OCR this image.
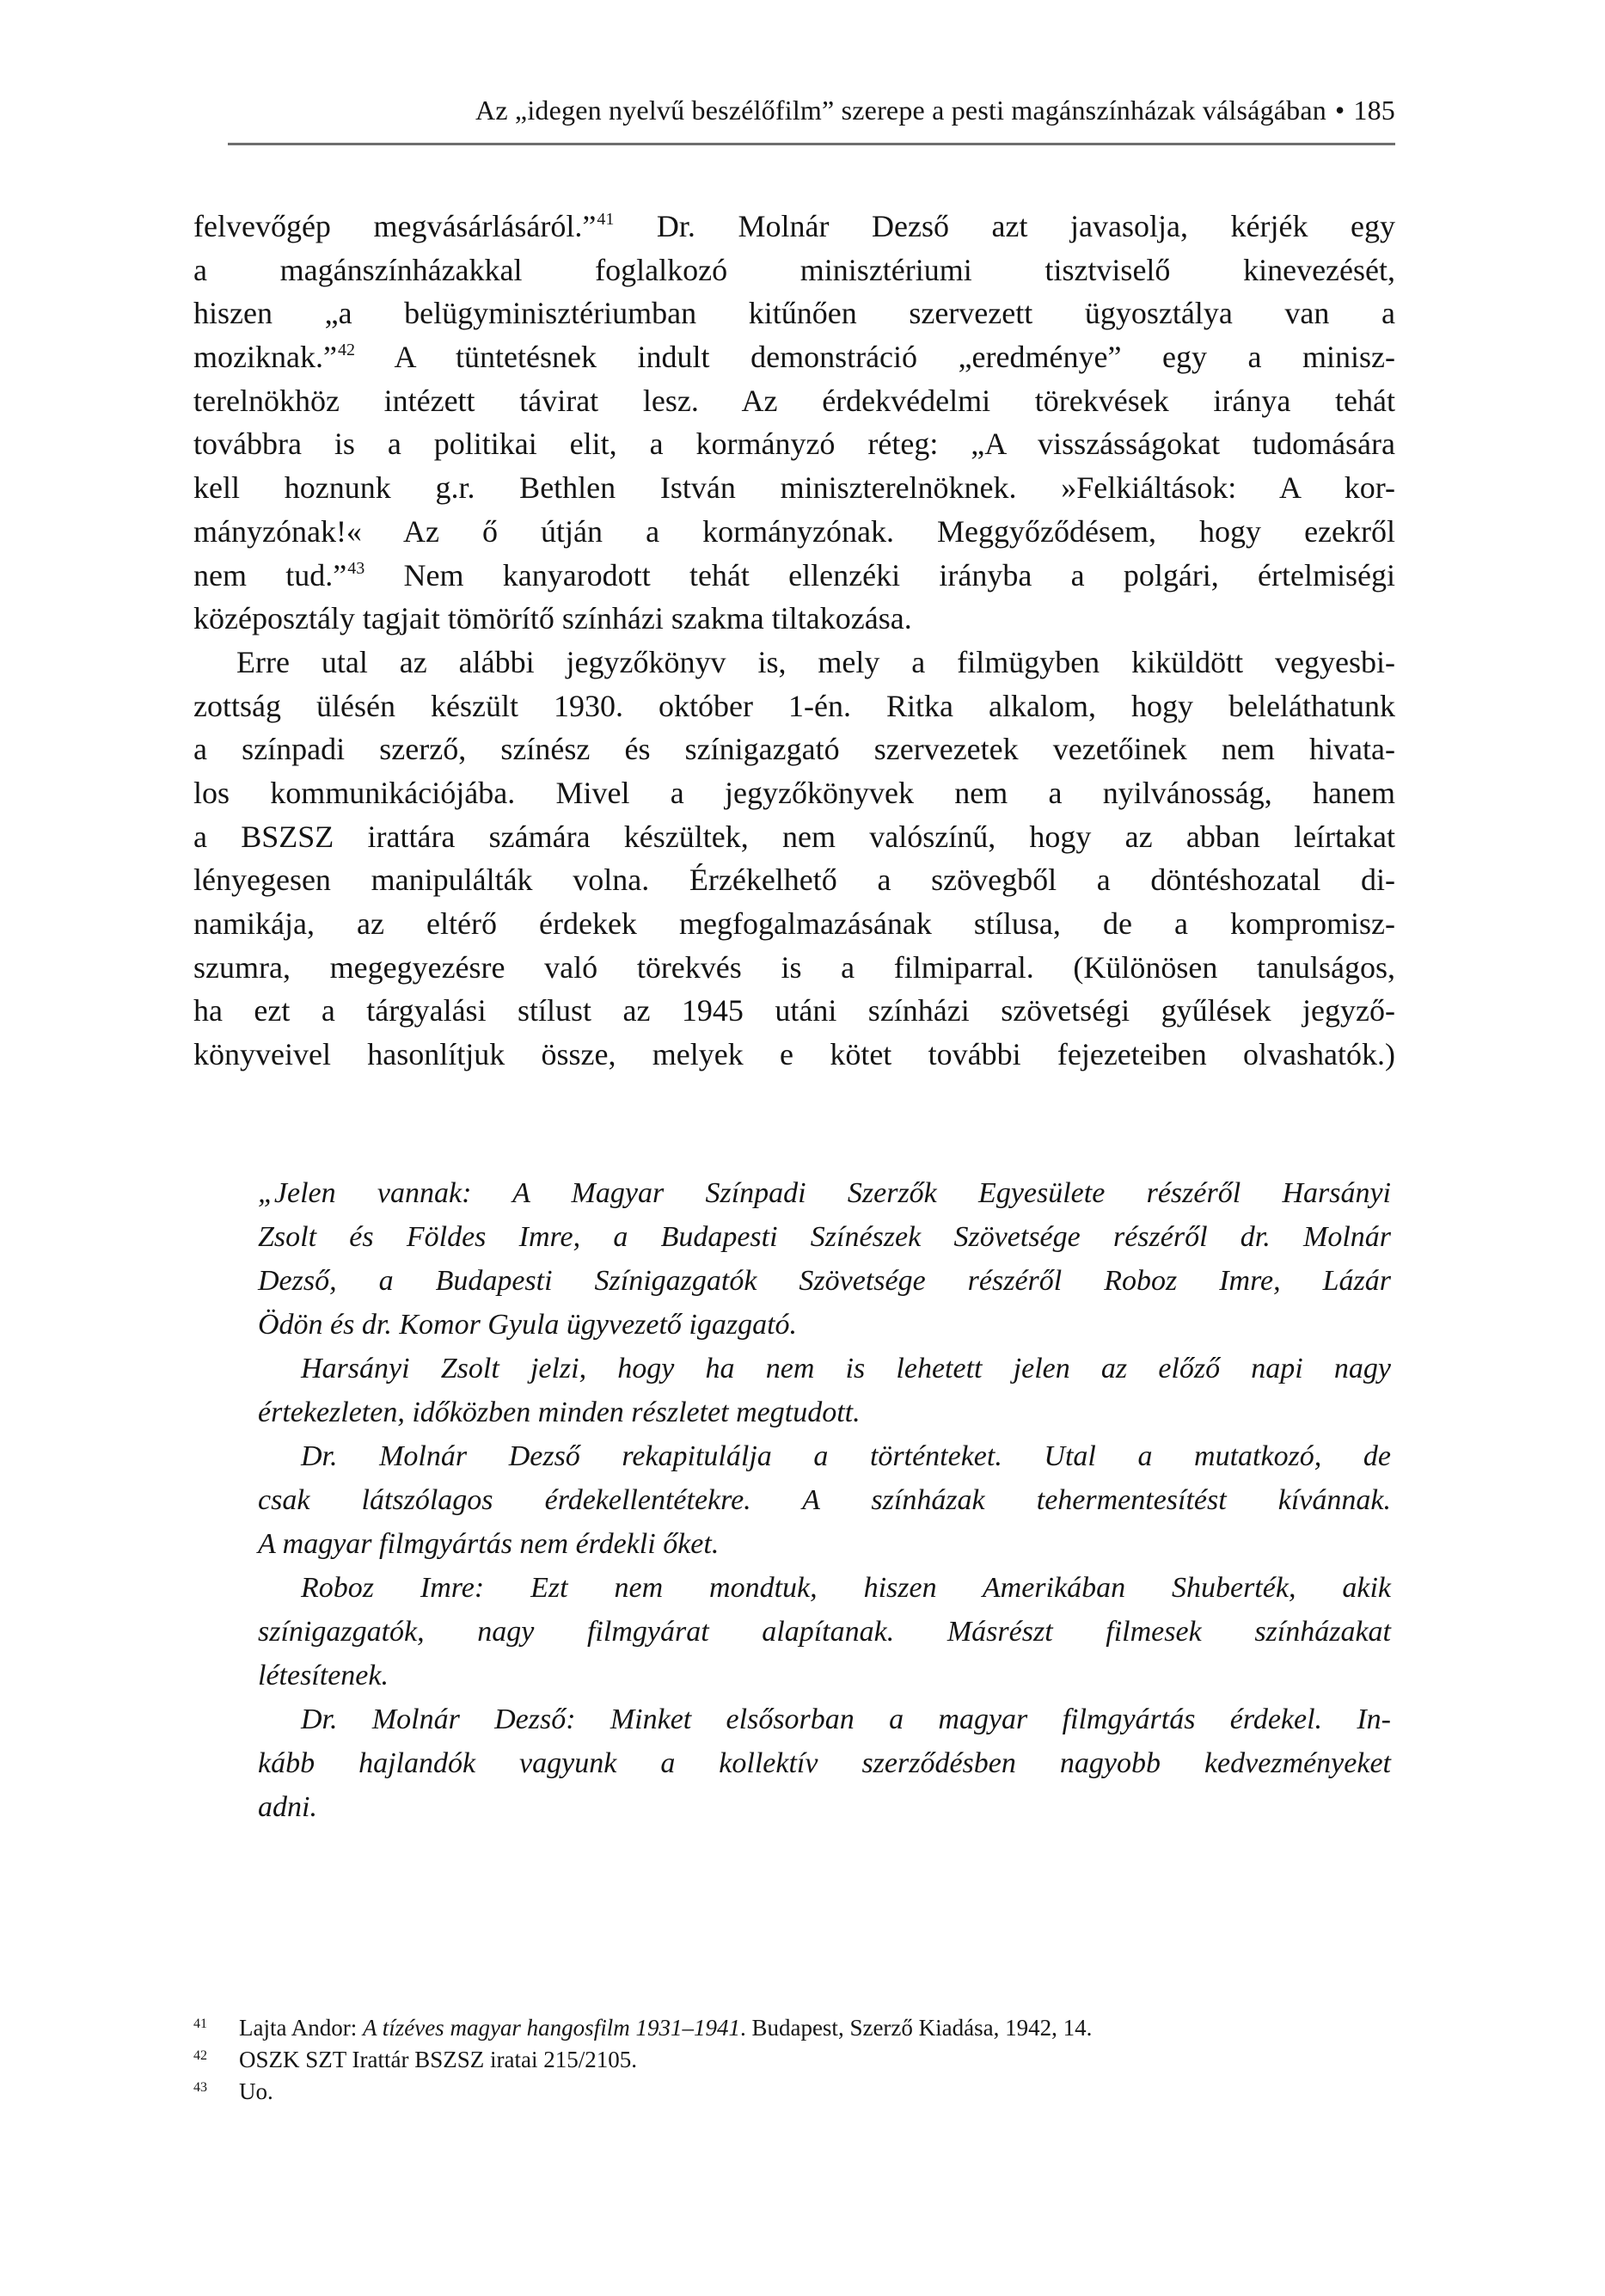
Az „idegen nyelvű beszélőfilm” szerepe a pesti magánszínházak válságában • 185
felvevőgép megvásárlásáról.”$^{41}$ Dr. Molnár Dezső azt javasolja, kérjék egy
a magánszínházakkal foglalkozó minisztériumi tisztviselő kinevezését,
hiszen „a belügyminisztériumban kitűnően szervezett ügyosztálya van a
moziknak.”$^{42}$ A tüntetésnek indult demonstráció „eredménye” egy a minisz-
terelnökhöz intézett távirat lesz. Az érdekvédelmi törekvések iránya tehát
továbbra is a politikai elit, a kormányzó réteg: „A visszásságokat tudomására
kell hoznunk g.r. Bethlen István miniszterelnöknek. »Felkiáltások: A kor-
mányzónak!« Az ő útján a kormányzónak. Meggyőződésem, hogy ezekről
nem tud.”$^{43}$ Nem kanyarodott tehát ellenzéki irányba a polgári, értelmiségi
középosztály tagjait tömörítő színházi szakma tiltakozása.
Erre utal az alábbi jegyzőkönyv is, mely a filmügyben kiküldött vegyesbi-
zottság ülésén készült 1930. október 1-én. Ritka alkalom, hogy beleláthatunk
a színpadi szerző, színész és színigazgató szervezetek vezetőinek nem hivata-
los kommunikációjába. Mivel a jegyzőkönyvek nem a nyilvánosság, hanem
a BSZSZ irattára számára készültek, nem valószínű, hogy az abban leírtakat
lényegesen manipulálták volna. Érzékelhető a szövegből a döntéshozatal di-
namikája, az eltérő érdekek megfogalmazásának stílusa, de a kompromisz-
szumra, megegyezésre való törekvés is a filmiparral. (Különösen tanulságos,
ha ezt a tárgyalási stílust az 1945 utáni színházi szövetségi gyűlések jegyző-
könyveivel hasonlítjuk össze, melyek e kötet további fejezeteiben olvashatók.)
„Jelen vannak: A Magyar Színpadi Szerzők Egyesülete részéről Harsányi
Zsolt és Földes Imre, a Budapesti Színészek Szövetsége részéről dr. Molnár
Dezső, a Budapesti Színigazgatók Szövetsége részéről Roboz Imre, Lázár
Ödön és dr. Komor Gyula ügyvezető igazgató.
Harsányi Zsolt jelzi, hogy ha nem is lehetett jelen az előző napi nagy
értekezleten, időközben minden részletet megtudott.
Dr. Molnár Dezső rekapitulálja a történteket. Utal a mutatkozó, de
csak látszólagos érdekellentétekre. A színházak tehermentesítést kívánnak.
A magyar filmgyártás nem érdekli őket.
Roboz Imre: Ezt nem mondtuk, hiszen Amerikában Shuberték, akik
színigazgatók, nagy filmgyárat alapítanak. Másrészt filmesek színházakat
létesítenek.
Dr. Molnár Dezső: Minket elsősorban a magyar filmgyártás érdekel. In-
kább hajlandók vagyunk a kollektív szerződésben nagyobb kedvezményeket
adni.
41 Lajta Andor: A tízéves magyar hangosfilm 1931–1941. Budapest, Szerző Kiadása, 1942, 14.
42 OSZK SZT Irattár BSZSZ iratai 215/2105.
43 Uo.
